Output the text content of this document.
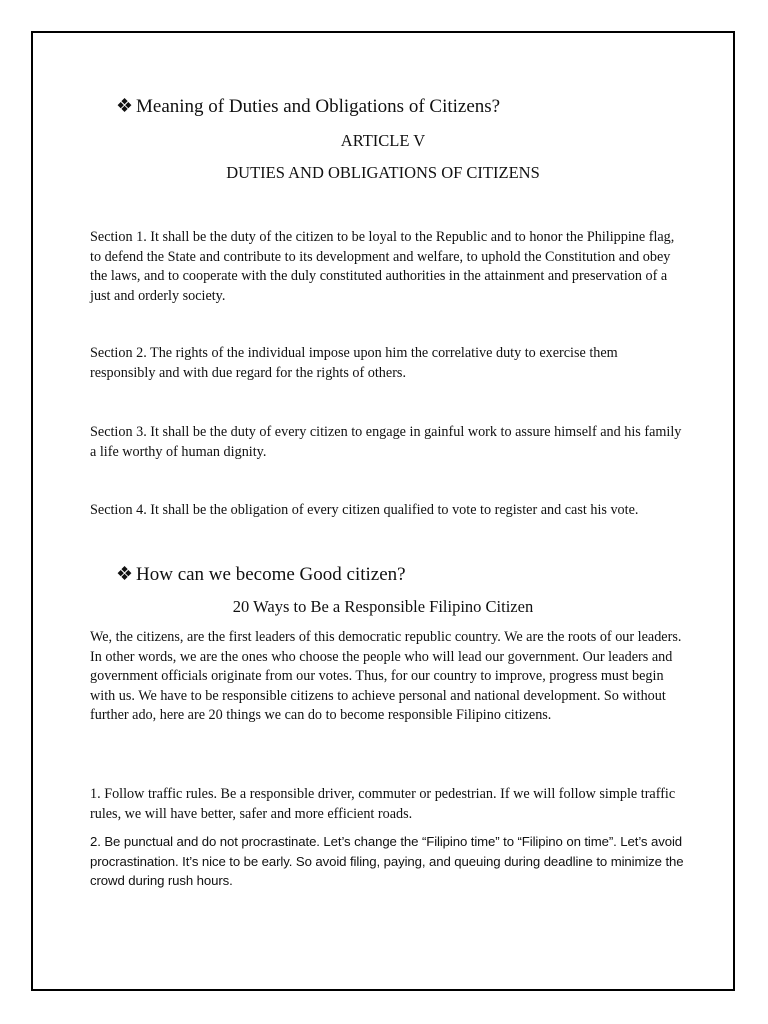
❖ Meaning of Duties and Obligations of Citizens?
ARTICLE V
DUTIES AND OBLIGATIONS OF CITIZENS
Section 1. It shall be the duty of the citizen to be loyal to the Republic and to honor the Philippine flag, to defend the State and contribute to its development and welfare, to uphold the Constitution and obey the laws, and to cooperate with the duly constituted authorities in the attainment and preservation of a just and orderly society.
Section 2. The rights of the individual impose upon him the correlative duty to exercise them responsibly and with due regard for the rights of others.
Section 3. It shall be the duty of every citizen to engage in gainful work to assure himself and his family a life worthy of human dignity.
Section 4. It shall be the obligation of every citizen qualified to vote to register and cast his vote.
❖ How can we become Good citizen?
20 Ways to Be a Responsible Filipino Citizen
We, the citizens, are the first leaders of this democratic republic country. We are the roots of our leaders. In other words, we are the ones who choose the people who will lead our government. Our leaders and government officials originate from our votes. Thus, for our country to improve, progress must begin with us. We have to be responsible citizens to achieve personal and national development. So without further ado, here are 20 things we can do to become responsible Filipino citizens.
1. Follow traffic rules. Be a responsible driver, commuter or pedestrian. If we will follow simple traffic rules, we will have better, safer and more efficient roads.
2. Be punctual and do not procrastinate. Let’s change the “Filipino time” to “Filipino on time”. Let’s avoid procrastination. It’s nice to be early. So avoid filing, paying, and queuing during deadline to minimize the crowd during rush hours.
